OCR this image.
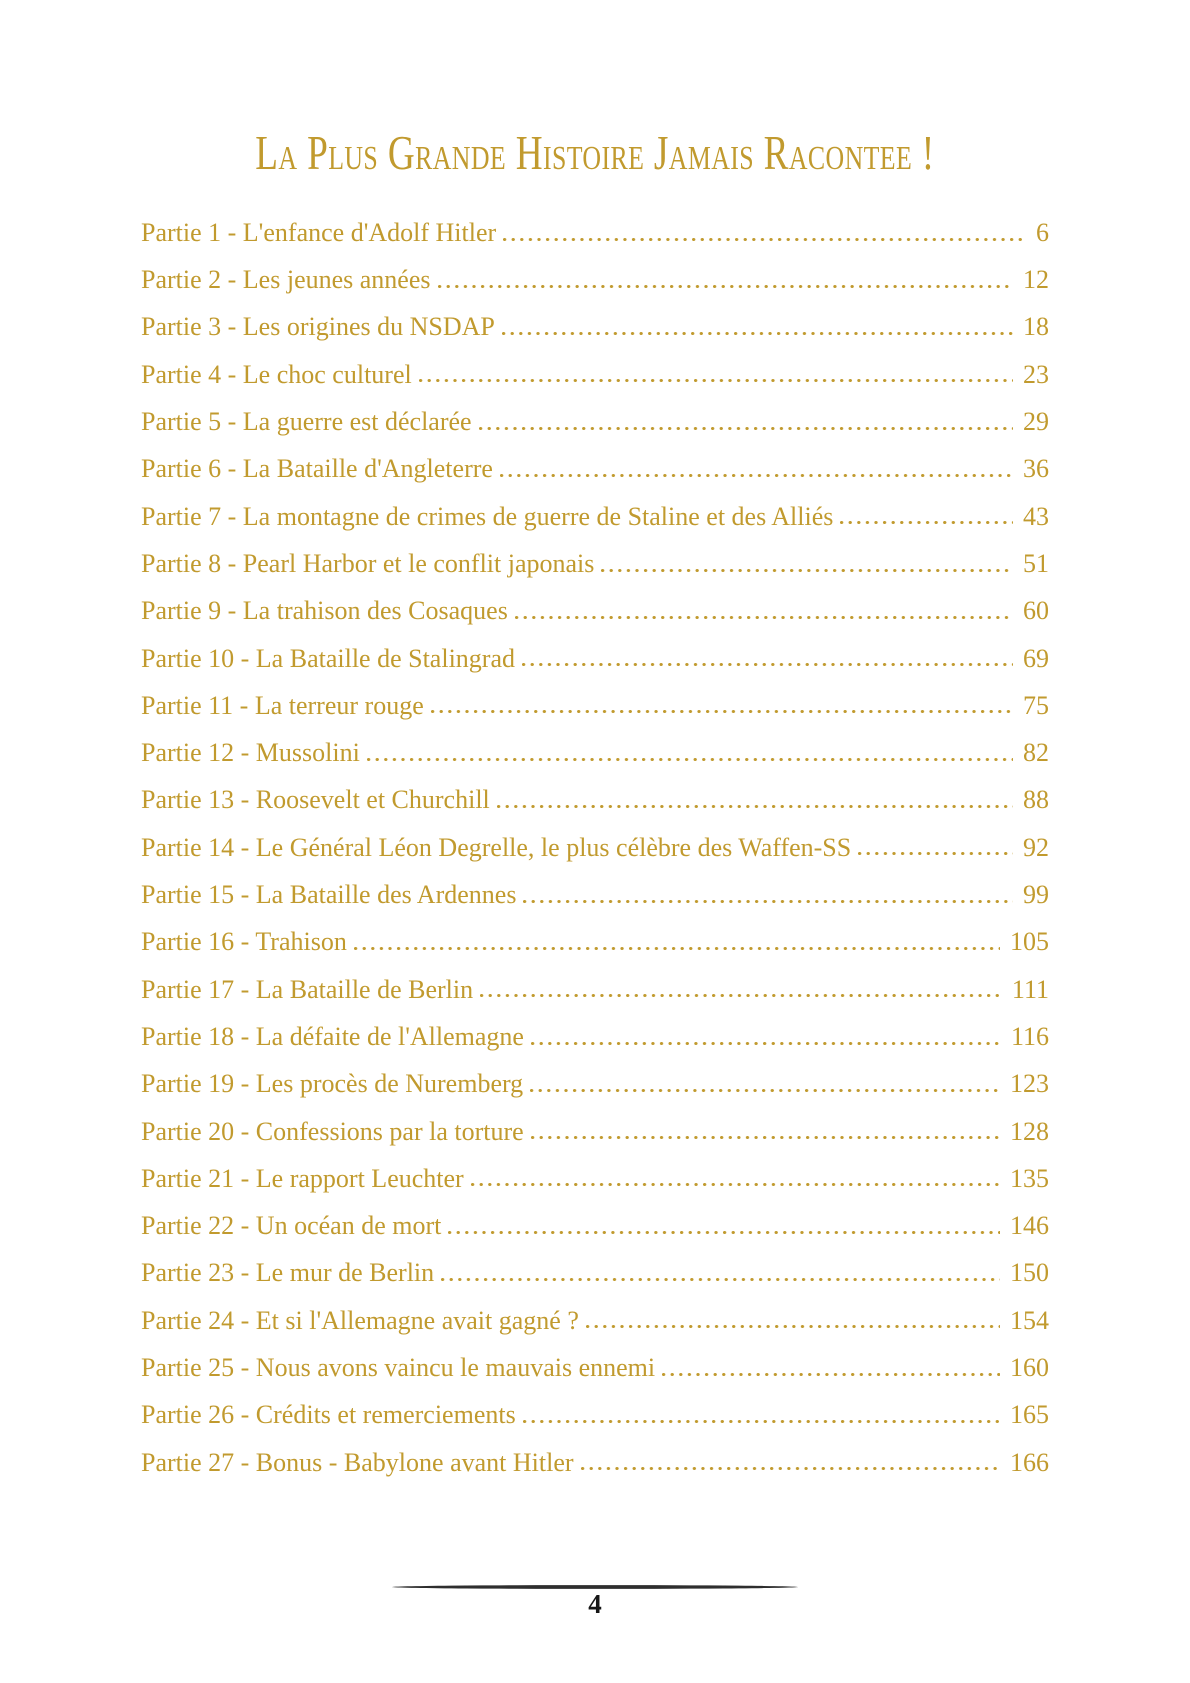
La Plus Grande Histoire Jamais Racontee !
Partie 1 - L'enfance d'Adolf Hitler	6
Partie 2 - Les jeunes années	12
Partie 3 - Les origines du NSDAP	18
Partie 4 - Le choc culturel	23
Partie 5 - La guerre est déclarée	29
Partie 6 - La Bataille d'Angleterre	36
Partie 7 - La montagne de crimes de guerre de Staline et des Alliés	43
Partie 8 - Pearl Harbor et le conflit japonais	51
Partie 9 - La trahison des Cosaques	60
Partie 10 - La Bataille de Stalingrad	69
Partie 11 - La terreur rouge	75
Partie 12 - Mussolini	82
Partie 13 - Roosevelt et Churchill	88
Partie 14 - Le Général Léon Degrelle, le plus célèbre des Waffen-SS	92
Partie 15 - La Bataille des Ardennes	99
Partie 16 - Trahison	105
Partie 17 - La Bataille de Berlin	111
Partie 18 - La défaite de l'Allemagne	116
Partie 19 - Les procès de Nuremberg	123
Partie 20 - Confessions par la torture	128
Partie 21 - Le rapport Leuchter	135
Partie 22 - Un océan de mort	146
Partie 23 - Le mur de Berlin	150
Partie 24 - Et si l'Allemagne avait gagné ?	154
Partie 25 - Nous avons vaincu le mauvais ennemi	160
Partie 26 - Crédits et remerciements	165
Partie 27 - Bonus - Babylone avant Hitler	166
4
